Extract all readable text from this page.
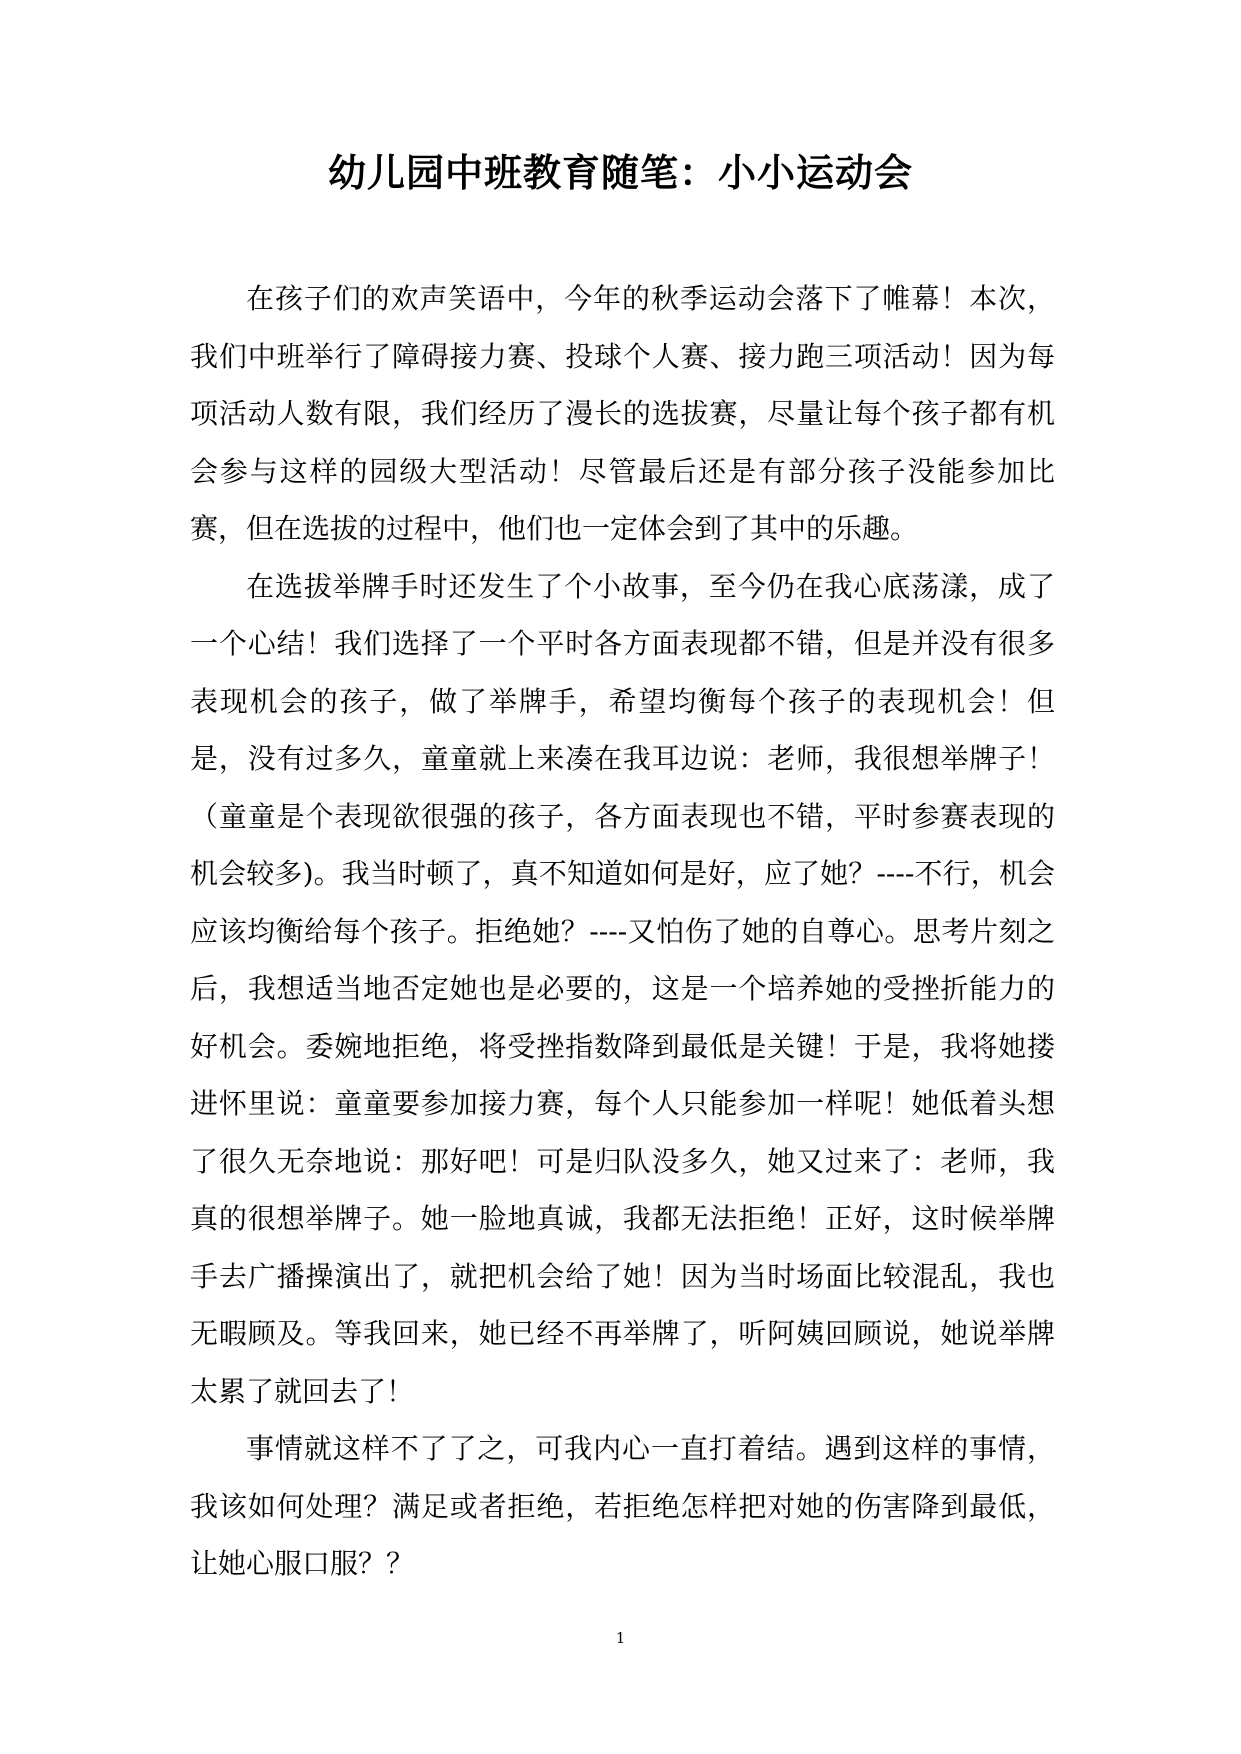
幼儿园中班教育随笔：小小运动会

在孩子们的欢声笑语中，今年的秋季运动会落下了帷幕！本次，我们中班举行了障碍接力赛、投球个人赛、接力跑三项活动！因为每项活动人数有限，我们经历了漫长的选拔赛，尽量让每个孩子都有机会参与这样的园级大型活动！尽管最后还是有部分孩子没能参加比赛，但在选拔的过程中，他们也一定体会到了其中的乐趣。

在选拔举牌手时还发生了个小故事，至今仍在我心底荡漾，成了一个心结！我们选择了一个平时各方面表现都不错，但是并没有很多表现机会的孩子，做了举牌手，希望均衡每个孩子的表现机会！但是，没有过多久，童童就上来凑在我耳边说：老师，我很想举牌子！（童童是个表现欲很强的孩子，各方面表现也不错，平时参赛表现的机会较多)。我当时顿了，真不知道如何是好，应了她？----不行，机会应该均衡给每个孩子。拒绝她？----又怕伤了她的自尊心。思考片刻之后，我想适当地否定她也是必要的，这是一个培养她的受挫折能力的好机会。委婉地拒绝，将受挫指数降到最低是关键！于是，我将她搂进怀里说：童童要参加接力赛，每个人只能参加一样呢！她低着头想了很久无奈地说：那好吧！可是归队没多久，她又过来了：老师，我真的很想举牌子。她一脸地真诚，我都无法拒绝！正好，这时候举牌手去广播操演出了，就把机会给了她！因为当时场面比较混乱，我也无暇顾及。等我回来，她已经不再举牌了，听阿姨回顾说，她说举牌太累了就回去了！

事情就这样不了了之，可我内心一直打着结。遇到这样的事情，我该如何处理？满足或者拒绝，若拒绝怎样把对她的伤害降到最低，让她心服口服？？

1
